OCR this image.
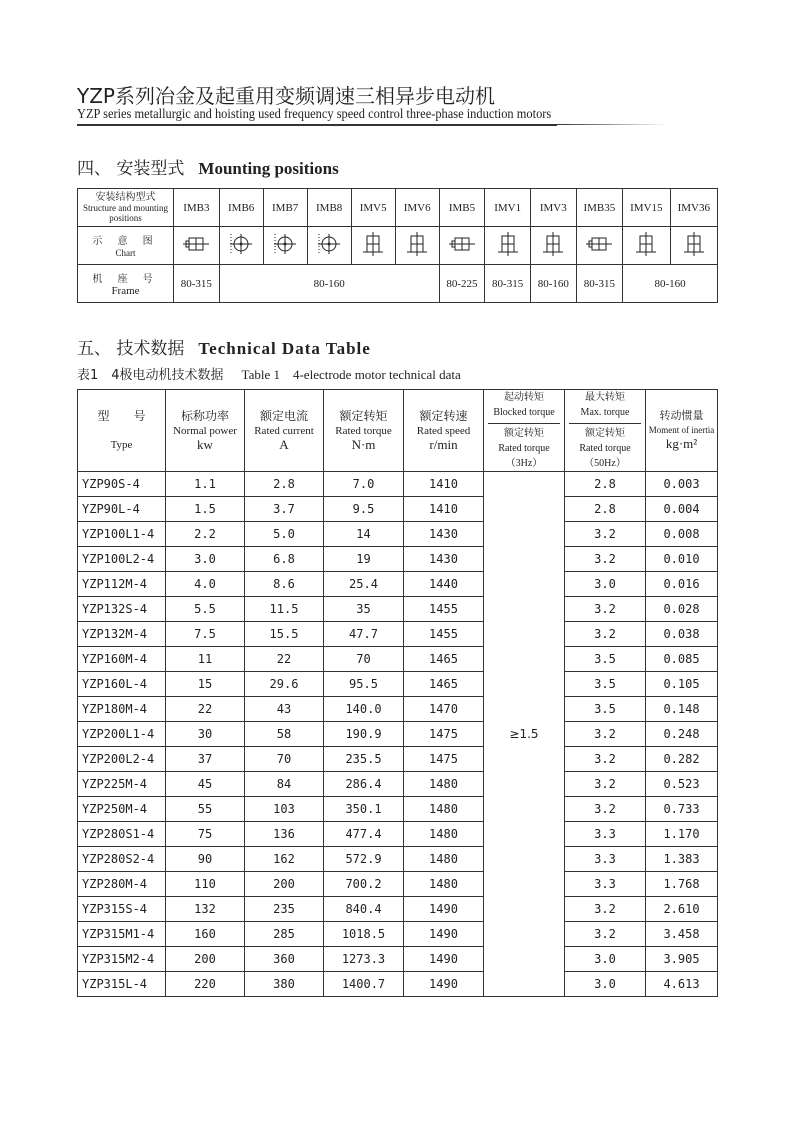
YZP系列冶金及起重用变频调速三相异步电动机
YZP series metallurgic and hoisting used frequency speed control three-phase induction motors
四、 安装型式 Mounting positions
安装结构型式
Structure and mounting positions	IMB3	IMB6	IMB7	IMB8	IMV5	IMV6	IMB5	IMV1	IMV3	IMB35	IMV15	IMV36
示 意 图
Chart												
机 座 号
Frame	80-315	80-160					80-225	80-315	80-160	80-315	80-160	
五、 技术数据 Technical Data Table
表1　4极电动机技术数据 Table 1　4-electrode motor technical data
型　　号

Type	标称功率
Normal power
kw	额定电流
Rated current
A	额定转矩
Rated torque
N·m	额定转速
Rated speed
r/min	起动转矩
Blocked torque
额定转矩
Rated torque
（3Hz）	最大转矩
Max. torque
额定转矩
Rated torque
（50Hz）	转动惯量
Moment of inertia
kg·m²
YZP90S-4	1.1	2.8	7.0	1410	≥1.5	2.8	0.003
YZP90L-4	1.5	3.7	9.5	1410		2.8	0.004
YZP100L1-4	2.2	5.0	14	1430		3.2	0.008
YZP100L2-4	3.0	6.8	19	1430		3.2	0.010
YZP112M-4	4.0	8.6	25.4	1440		3.0	0.016
YZP132S-4	5.5	11.5	35	1455		3.2	0.028
YZP132M-4	7.5	15.5	47.7	1455		3.2	0.038
YZP160M-4	11	22	70	1465		3.5	0.085
YZP160L-4	15	29.6	95.5	1465		3.5	0.105
YZP180M-4	22	43	140.0	1470		3.5	0.148
YZP200L1-4	30	58	190.9	1475		3.2	0.248
YZP200L2-4	37	70	235.5	1475		3.2	0.282
YZP225M-4	45	84	286.4	1480		3.2	0.523
YZP250M-4	55	103	350.1	1480		3.2	0.733
YZP280S1-4	75	136	477.4	1480		3.3	1.170
YZP280S2-4	90	162	572.9	1480		3.3	1.383
YZP280M-4	110	200	700.2	1480		3.3	1.768
YZP315S-4	132	235	840.4	1490		3.2	2.610
YZP315M1-4	160	285	1018.5	1490		3.2	3.458
YZP315M2-4	200	360	1273.3	1490		3.0	3.905
YZP315L-4	220	380	1400.7	1490		3.0	4.613
